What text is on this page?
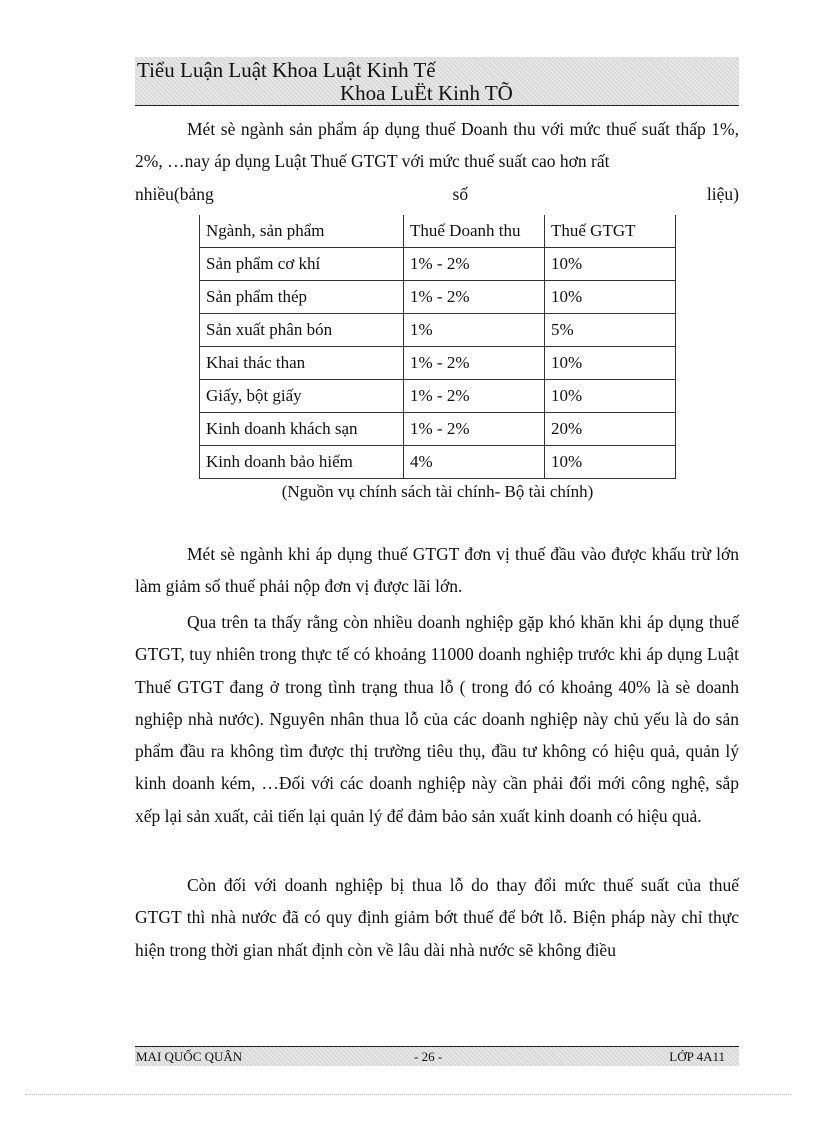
Tiểu Luận Luật Khoa Luật Kinh Tế
Khoa LuËt Kinh TÕ

Mét sè ngành sản phẩm áp dụng thuế Doanh thu với mức thuế suất thấp 1%, 2%, …nay áp dụng Luật Thuế GTGT với mức thuế suất cao hơn rất

nhiều(bảng số liệu)

Ngành, sản phẩm	Thuế Doanh thu	Thuế GTGT
Sản phẩm cơ khí	1% - 2%	10%
Sản phẩm thép	1% - 2%	10%
Sản xuất phân bón	1%	5%
Khai thác than	1% - 2%	10%
Giấy, bột giấy	1% - 2%	10%
Kinh doanh khách sạn	1% - 2%	20%
Kinh doanh bảo hiểm	4%	10%
(Nguồn vụ chính sách tài chính- Bộ tài chính)

Mét sè ngành khi áp dụng thuế GTGT đơn vị thuế đầu vào được khấu trừ lớn làm giảm số thuế phải nộp đơn vị được lãi lớn.

Qua trên ta thấy rằng còn nhiều doanh nghiệp gặp khó khăn khi áp dụng thuế GTGT, tuy nhiên trong thực tế có khoảng 11000 doanh nghiệp trước khi áp dụng Luật Thuế GTGT đang ở trong tình trạng thua lỗ ( trong đó có khoảng 40% là sè doanh nghiệp nhà nước). Nguyên nhân thua lỗ của các doanh nghiệp này chủ yếu là do sản phẩm đầu ra không tìm được thị trường tiêu thụ, đầu tư không có hiệu quả, quản lý kinh doanh kém, …Đối với các doanh nghiệp này cần phải đổi mới công nghệ, sắp xếp lại sản xuất, cải tiến lại quản lý để đảm bảo sản xuất kinh doanh có hiệu quả.

Còn đối với doanh nghiệp bị thua lỗ do thay đổi mức thuế suất của thuế GTGT thì nhà nước đã có quy định giảm bớt thuế để bớt lỗ. Biện pháp này chỉ thực hiện trong thời gian nhất định còn về lâu dài nhà nước sẽ không điều

MAI QUỐC QUÂN	- 26 -	LỚP 4A11
